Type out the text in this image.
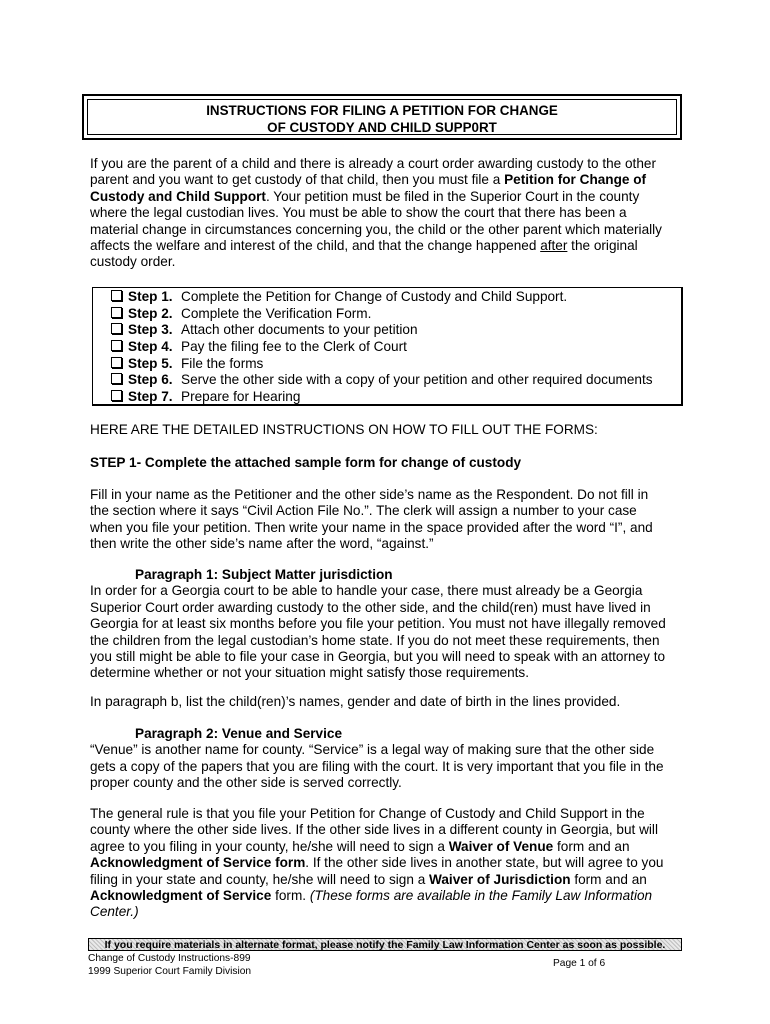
INSTRUCTIONS FOR FILING A PETITION FOR CHANGE
OF CUSTODY AND CHILD SUPP0RT
If you are the parent of a child and there is already a court order awarding custody to the other
parent and you want to get custody of that child, then you must file a Petition for Change of
Custody and Child Support. Your petition must be filed in the Superior Court in the county
where the legal custodian lives. You must be able to show the court that there has been a
material change in circumstances concerning you, the child or the other parent which materially
affects the welfare and interest of the child, and that the change happened after the original
custody order.
Step 1. Complete the Petition for Change of Custody and Child Support.
Step 2. Complete the Verification Form.
Step 3. Attach other documents to your petition
Step 4. Pay the filing fee to the Clerk of Court
Step 5. File the forms
Step 6. Serve the other side with a copy of your petition and other required documents
Step 7. Prepare for Hearing
HERE ARE THE DETAILED INSTRUCTIONS ON HOW TO FILL OUT THE FORMS:
STEP 1- Complete the attached sample form for change of custody
Fill in your name as the Petitioner and the other side’s name as the Respondent. Do not fill in
the section where it says “Civil Action File No.”. The clerk will assign a number to your case
when you file your petition. Then write your name in the space provided after the word “I”, and
then write the other side’s name after the word, “against.”
Paragraph 1: Subject Matter jurisdiction
In order for a Georgia court to be able to handle your case, there must already be a Georgia
Superior Court order awarding custody to the other side, and the child(ren) must have lived in
Georgia for at least six months before you file your petition. You must not have illegally removed
the children from the legal custodian’s home state. If you do not meet these requirements, then
you still might be able to file your case in Georgia, but you will need to speak with an attorney to
determine whether or not your situation might satisfy those requirements.
In paragraph b, list the child(ren)’s names, gender and date of birth in the lines provided.
Paragraph 2: Venue and Service
“Venue” is another name for county. “Service” is a legal way of making sure that the other side
gets a copy of the papers that you are filing with the court. It is very important that you file in the
proper county and the other side is served correctly.
The general rule is that you file your Petition for Change of Custody and Child Support in the
county where the other side lives. If the other side lives in a different county in Georgia, but will
agree to you filing in your county, he/she will need to sign a Waiver of Venue form and an
Acknowledgment of Service form. If the other side lives in another state, but will agree to you
filing in your state and county, he/she will need to sign a Waiver of Jurisdiction form and an
Acknowledgment of Service form. (These forms are available in the Family Law Information
Center.)
If you require materials in alternate format, please notify the Family Law Information Center as soon as possible.
Change of Custody Instructions-899
1999 Superior Court Family Division
Page 1 of 6
